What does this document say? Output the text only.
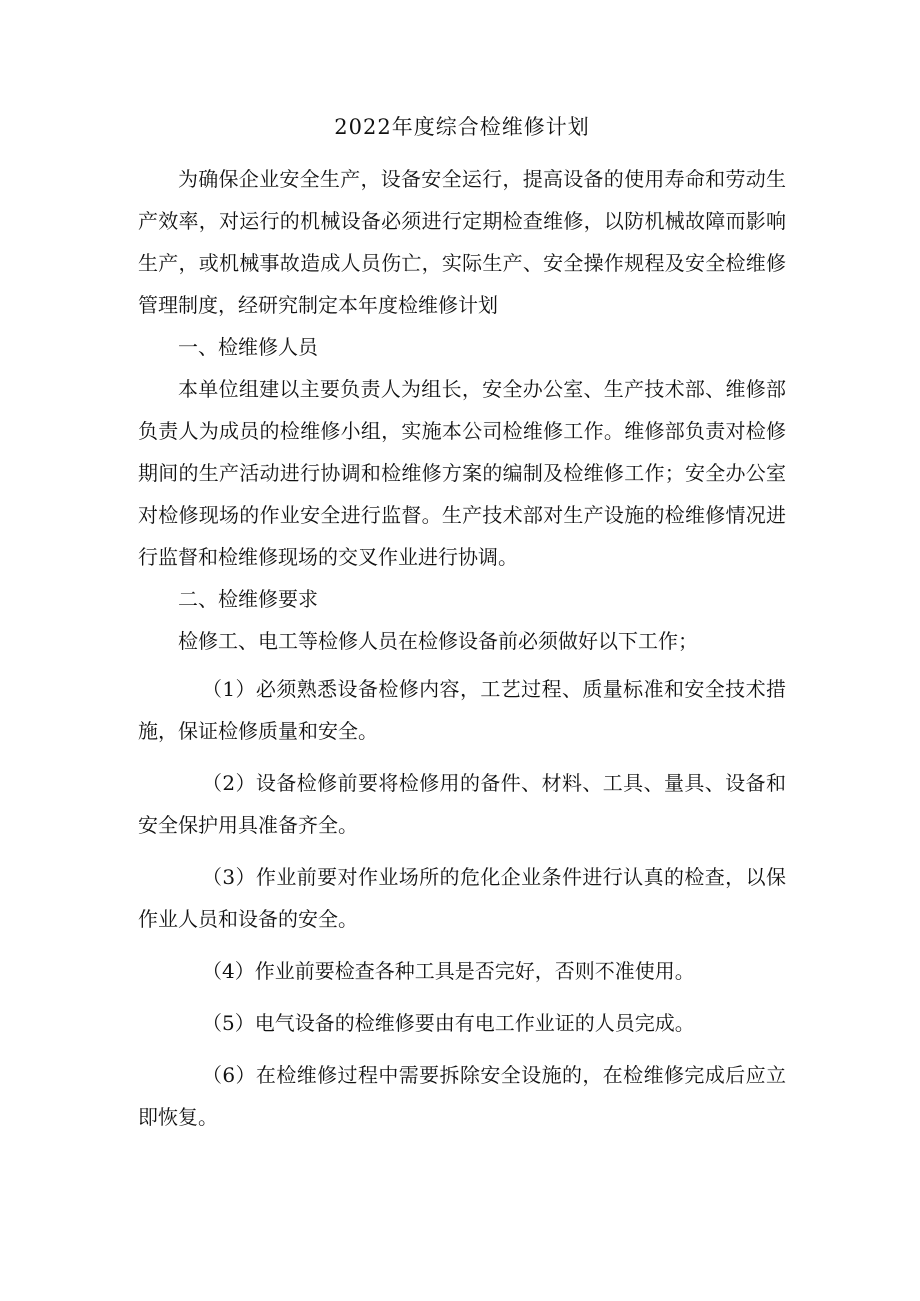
2022年度综合检维修计划

为确保企业安全生产，设备安全运行，提高设备的使用寿命和劳动生产效率，对运行的机械设备必须进行定期检查维修，以防机械故障而影响生产，或机械事故造成人员伤亡，实际生产、安全操作规程及安全检维修管理制度，经研究制定本年度检维修计划

一、检维修人员

本单位组建以主要负责人为组长，安全办公室、生产技术部、维修部负责人为成员的检维修小组，实施本公司检维修工作。维修部负责对检修期间的生产活动进行协调和检维修方案的编制及检维修工作；安全办公室对检修现场的作业安全进行监督。生产技术部对生产设施的检维修情况进行监督和检维修现场的交叉作业进行协调。

二、检维修要求

检修工、电工等检修人员在检修设备前必须做好以下工作；

（1）必须熟悉设备检修内容，工艺过程、质量标准和安全技术措施，保证检修质量和安全。

（2）设备检修前要将检修用的备件、材料、工具、量具、设备和安全保护用具准备齐全。

（3）作业前要对作业场所的危化企业条件进行认真的检查，以保作业人员和设备的安全。

（4）作业前要检查各种工具是否完好，否则不准使用。

（5）电气设备的检维修要由有电工作业证的人员完成。

（6）在检维修过程中需要拆除安全设施的，在检维修完成后应立即恢复。
